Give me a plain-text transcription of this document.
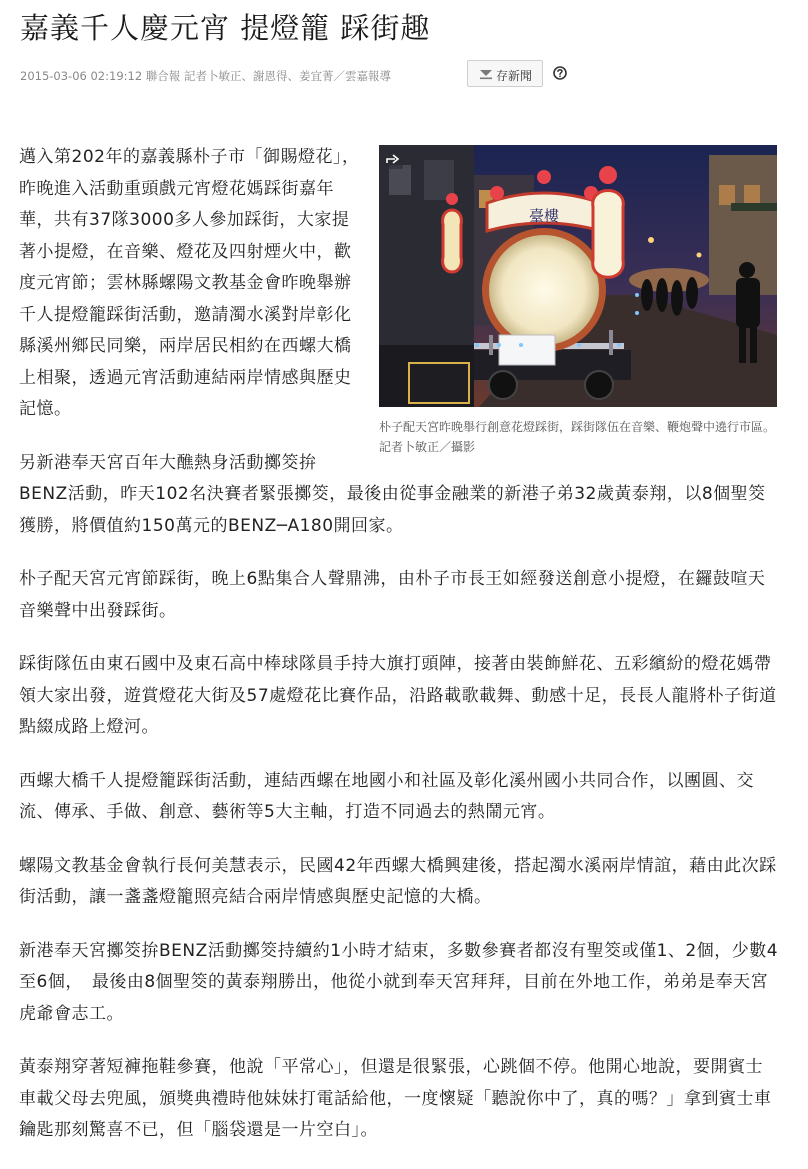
嘉義千人慶元宵 提燈籠 踩街趣
2015-03-06 02:19:12 聯合報 記者卜敏正、謝恩得、姜宜菁／雲嘉報導	存新聞
臺樓

朴子配天宮昨晚舉行創意花燈踩街，踩街隊伍在音樂、鞭炮聲中遶行市區。 記者卜敏正／攝影

邁入第202年的嘉義縣朴子市「御賜燈花」，昨晚進入活動重頭戲元宵燈花媽踩街嘉年華，共有37隊3000多人參加踩街，大家提著小提燈，在音樂、燈花及四射煙火中，歡度元宵節；雲林縣螺陽文教基金會昨晚舉辦千人提燈籠踩街活動，邀請濁水溪對岸彰化縣溪州鄉民同樂，兩岸居民相約在西螺大橋上相聚，透過元宵活動連結兩岸情感與歷史記憶。

另新港奉天宮百年大醮熱身活動擲筊拚BENZ活動，昨天102名決賽者緊張擲筊，最後由從事金融業的新港子弟32歲黃泰翔，以8個聖筊獲勝，將價值約150萬元的BENZ─A180開回家。

朴子配天宮元宵節踩街，晚上6點集合人聲鼎沸，由朴子市長王如經發送創意小提燈，在鑼鼓喧天音樂聲中出發踩街。

踩街隊伍由東石國中及東石高中棒球隊員手持大旗打頭陣，接著由裝飾鮮花、五彩繽紛的燈花媽帶領大家出發，遊賞燈花大街及57處燈花比賽作品，沿路載歌載舞、動感十足，長長人龍將朴子街道點綴成路上燈河。

西螺大橋千人提燈籠踩街活動，連結西螺在地國小和社區及彰化溪州國小共同合作，以團圓、交流、傳承、手做、創意、藝術等5大主軸，打造不同過去的熱鬧元宵。

螺陽文教基金會執行長何美慧表示，民國42年西螺大橋興建後，搭起濁水溪兩岸情誼，藉由此次踩街活動，讓一盞盞燈籠照亮結合兩岸情感與歷史記憶的大橋。

新港奉天宮擲筊拚BENZ活動擲筊持續約1小時才結束，多數參賽者都沒有聖筊或僅1、2個，少數4至6個，　最後由8個聖筊的黃泰翔勝出，他從小就到奉天宮拜拜，目前在外地工作，弟弟是奉天宮虎爺會志工。

黃泰翔穿著短褲拖鞋參賽，他說「平常心」，但還是很緊張，心跳個不停。他開心地說，要開賓士車載父母去兜風，頒獎典禮時他妹妹打電話給他，一度懷疑「聽說你中了，真的嗎？」拿到賓士車鑰匙那刻驚喜不已，但「腦袋還是一片空白」。
